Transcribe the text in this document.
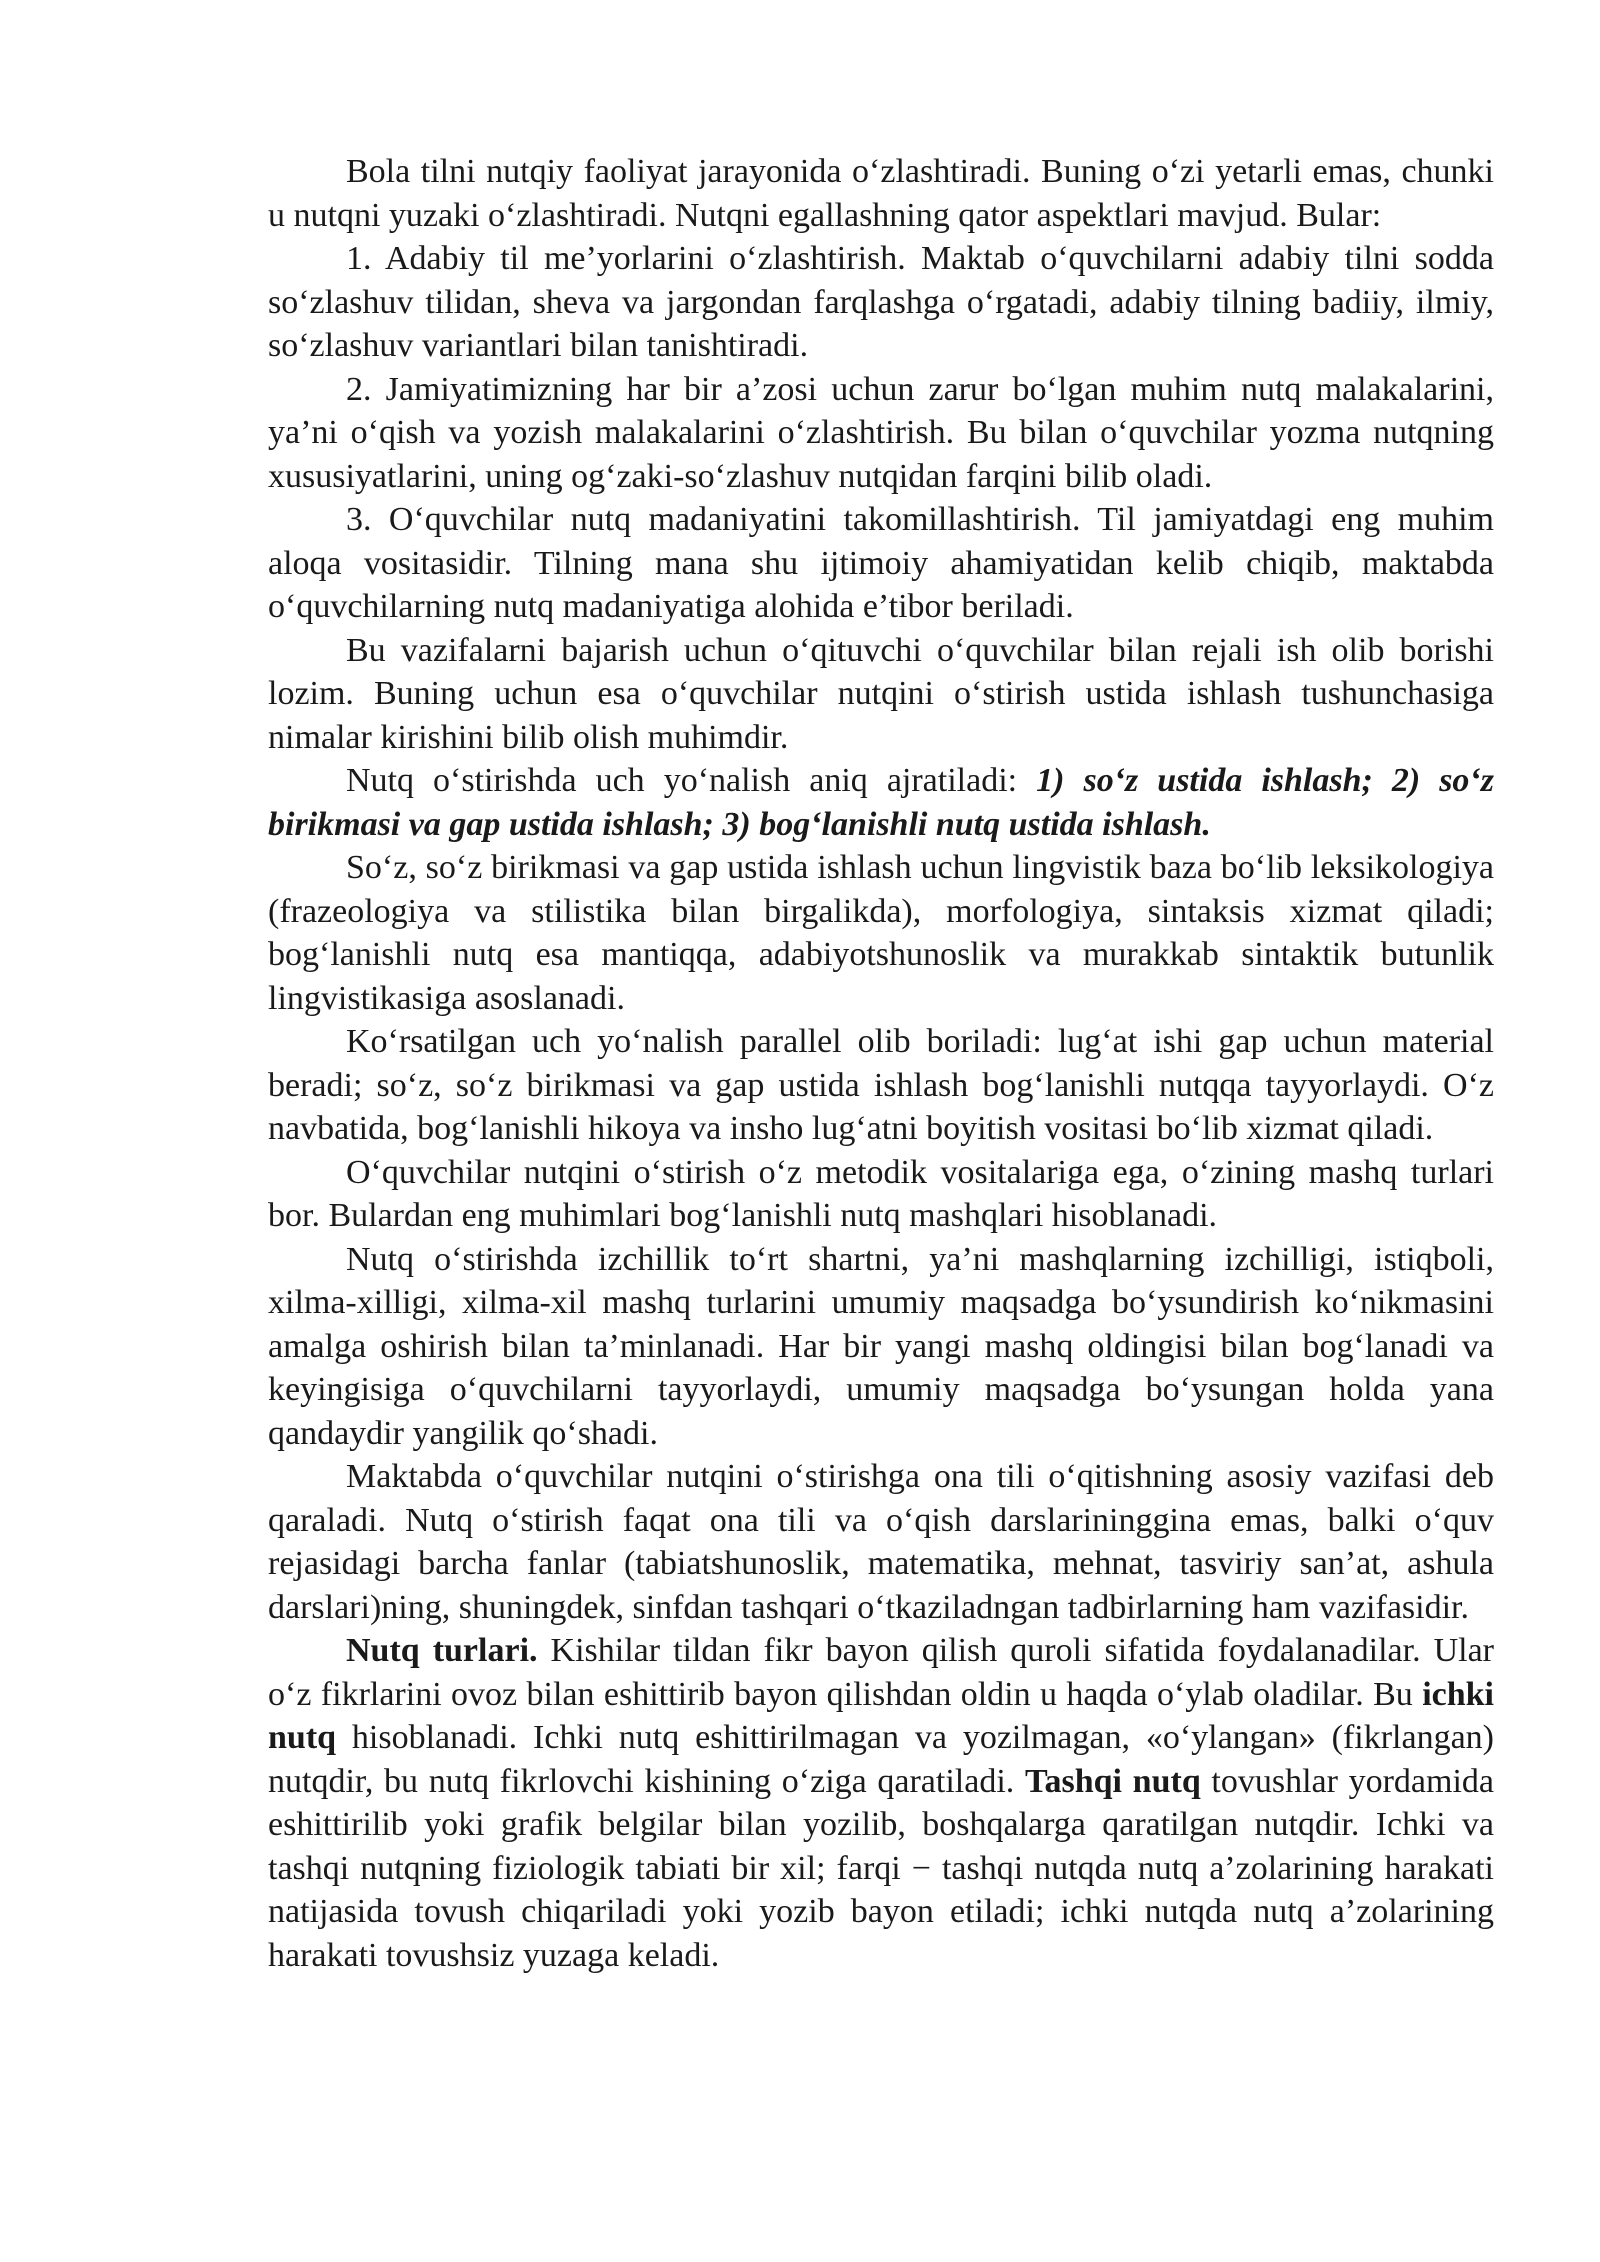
Bola tilni nutqiy faoliyat jarayonida o‘zlashtiradi. Buning o‘zi yetarli emas, chunki u nutqni yuzaki o‘zlashtiradi. Nutqni egallashning qator aspektlari mavjud. Bular:

1. Adabiy til me’yorlarini o‘zlashtirish. Maktab o‘quvchilarni adabiy tilni sodda so‘zlashuv tilidan, sheva va jargondan farqlashga o‘rgatadi, adabiy tilning badiiy, ilmiy, so‘zlashuv variantlari bilan tanishtiradi.

2. Jamiyatimizning har bir a’zosi uchun zarur bo‘lgan muhim nutq malakalarini, ya’ni o‘qish va yozish malakalarini o‘zlashtirish. Bu bilan o‘quvchilar yozma nutqning xususiyatlarini, uning og‘zaki-so‘zlashuv nutqidan farqini bilib oladi.

3. O‘quvchilar nutq madaniyatini takomillashtirish. Til jamiyatdagi eng muhim aloqa vositasidir. Tilning mana shu ijtimoiy ahamiyatidan kelib chiqib, maktabda o‘quvchilarning nutq madaniyatiga alohida e’tibor beriladi.

Bu vazifalarni bajarish uchun o‘qituvchi o‘quvchilar bilan rejali ish olib borishi lozim. Buning uchun esa o‘quvchilar nutqini o‘stirish ustida ishlash tushunchasiga nimalar kirishini bilib olish muhimdir.

Nutq o‘stirishda uch yo‘nalish aniq ajratiladi: 1) so‘z ustida ishlash; 2) so‘z birikmasi va gap ustida ishlash; 3) bog‘lanishli nutq ustida ishlash.

So‘z, so‘z birikmasi va gap ustida ishlash uchun lingvistik baza bo‘lib leksikologiya (frazeologiya va stilistika bilan birgalikda), morfologiya, sintaksis xizmat qiladi; bog‘lanishli nutq esa mantiqqa, adabiyotshunoslik va murakkab sintaktik butunlik lingvistikasiga asoslanadi.

Ko‘rsatilgan uch yo‘nalish parallel olib boriladi: lug‘at ishi gap uchun material beradi; so‘z, so‘z birikmasi va gap ustida ishlash bog‘lanishli nutqqa tayyorlaydi. O‘z navbatida, bog‘lanishli hikoya va insho lug‘atni boyitish vositasi bo‘lib xizmat qiladi.

O‘quvchilar nutqini o‘stirish o‘z metodik vositalariga ega, o‘zining mashq turlari bor. Bulardan eng muhimlari bog‘lanishli nutq mashqlari hisoblanadi.

Nutq o‘stirishda izchillik to‘rt shartni, ya’ni mashqlarning izchilligi, istiqboli, xilma-xilligi, xilma-xil mashq turlarini umumiy maqsadga bo‘ysundirish ko‘nikmasini amalga oshirish bilan ta’minlanadi. Har bir yangi mashq oldingisi bilan bog‘lanadi va keyingisiga o‘quvchilarni tayyorlaydi, umumiy maqsadga bo‘ysungan holda yana qandaydir yangilik qo‘shadi.

Maktabda o‘quvchilar nutqini o‘stirishga ona tili o‘qitishning asosiy vazifasi deb qaraladi. Nutq o‘stirish faqat ona tili va o‘qish darslarininggina emas, balki o‘quv rejasidagi barcha fanlar (tabiatshunoslik, matematika, mehnat, tasviriy san’at, ashula darslari)ning, shuningdek, sinfdan tashqari o‘tkaziladngan tadbirlarning ham vazifasidir.

Nutq turlari. Kishilar tildan fikr bayon qilish quroli sifatida foydalanadilar. Ular o‘z fikrlarini ovoz bilan eshittirib bayon qilishdan oldin u haqda o‘ylab oladilar. Bu ichki nutq hisoblanadi. Ichki nutq eshittirilmagan va yozilmagan, «o‘ylangan» (fikrlangan) nutqdir, bu nutq fikrlovchi kishining o‘ziga qaratiladi. Tashqi nutq tovushlar yordamida eshittirilib yoki grafik belgilar bilan yozilib, boshqalarga qaratilgan nutqdir. Ichki va tashqi nutqning fiziologik tabiati bir xil; farqi − tashqi nutqda nutq a’zolarining harakati natijasida tovush chiqariladi yoki yozib bayon etiladi; ichki nutqda nutq a’zolarining harakati tovushsiz yuzaga keladi.
